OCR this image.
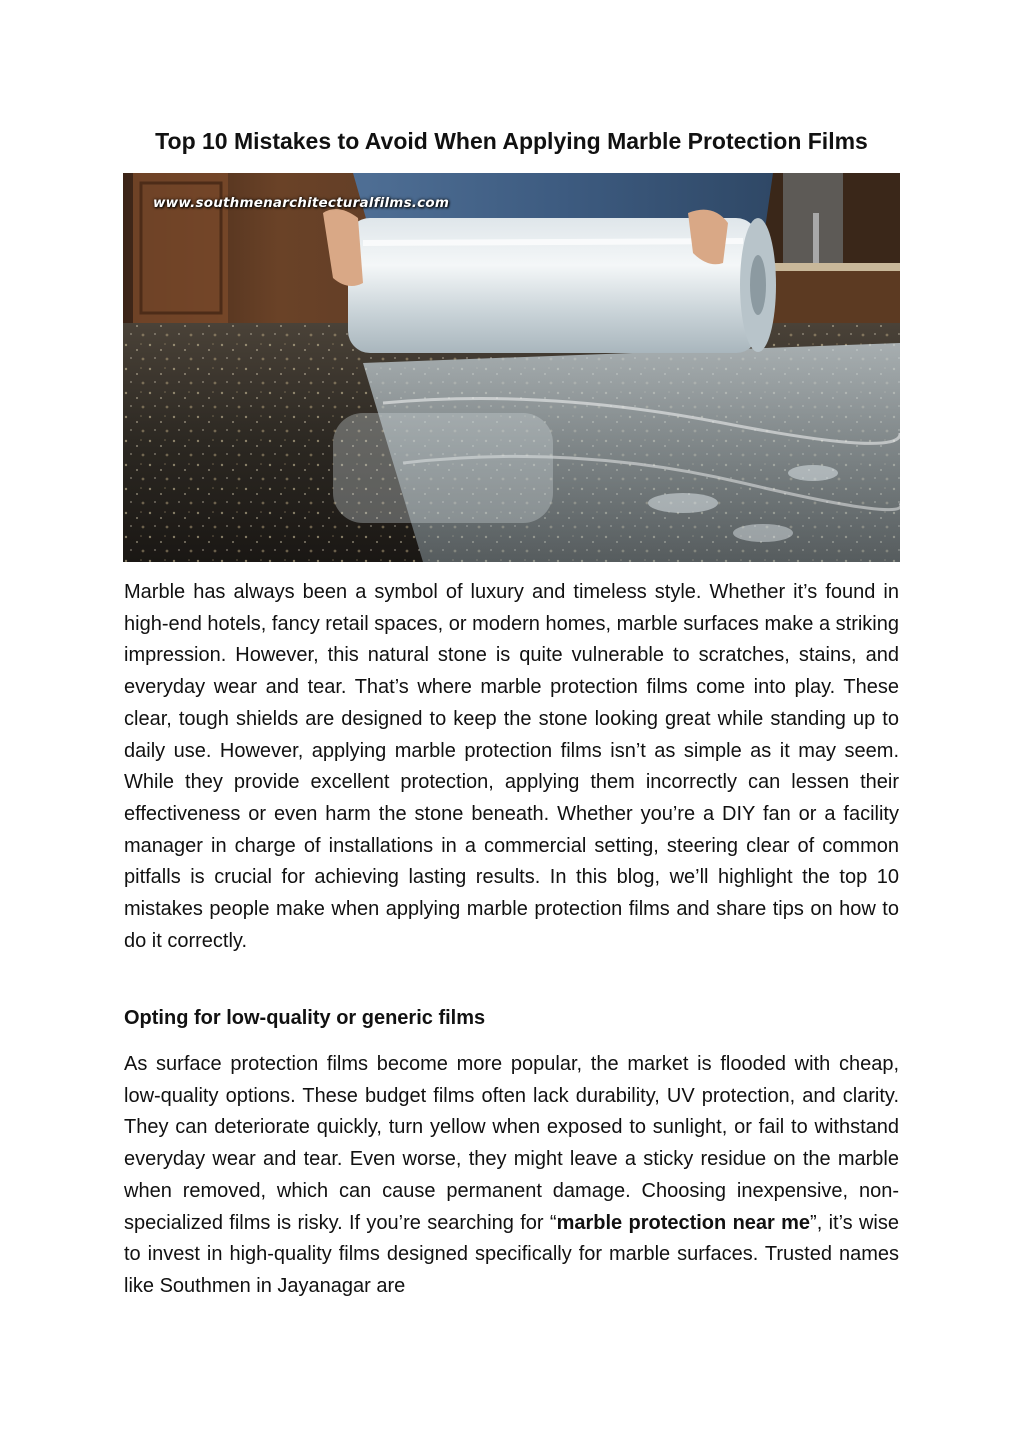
Top 10 Mistakes to Avoid When Applying Marble Protection Films
www.southmenarchitecturalfilms.com

Marble has always been a symbol of luxury and timeless style. Whether it’s found in high-end hotels, fancy retail spaces, or modern homes, marble surfaces make a striking impression. However, this natural stone is quite vulnerable to scratches, stains, and everyday wear and tear. That’s where marble protection films come into play. These clear, tough shields are designed to keep the stone looking great while standing up to daily use. However, applying marble protection films isn’t as simple as it may seem. While they provide excellent protection, applying them incorrectly can lessen their effectiveness or even harm the stone beneath. Whether you’re a DIY fan or a facility manager in charge of installations in a commercial setting, steering clear of common pitfalls is crucial for achieving lasting results. In this blog, we’ll highlight the top 10 mistakes people make when applying marble protection films and share tips on how to do it correctly.

Opting for low-quality or generic films

As surface protection films become more popular, the market is flooded with cheap, low-quality options. These budget films often lack durability, UV protection, and clarity. They can deteriorate quickly, turn yellow when exposed to sunlight, or fail to withstand everyday wear and tear. Even worse, they might leave a sticky residue on the marble when removed, which can cause permanent damage. Choosing inexpensive, non-specialized films is risky. If you’re searching for “marble protection near me”, it’s wise to invest in high-quality films designed specifically for marble surfaces. Trusted names like Southmen in Jayanagar are
